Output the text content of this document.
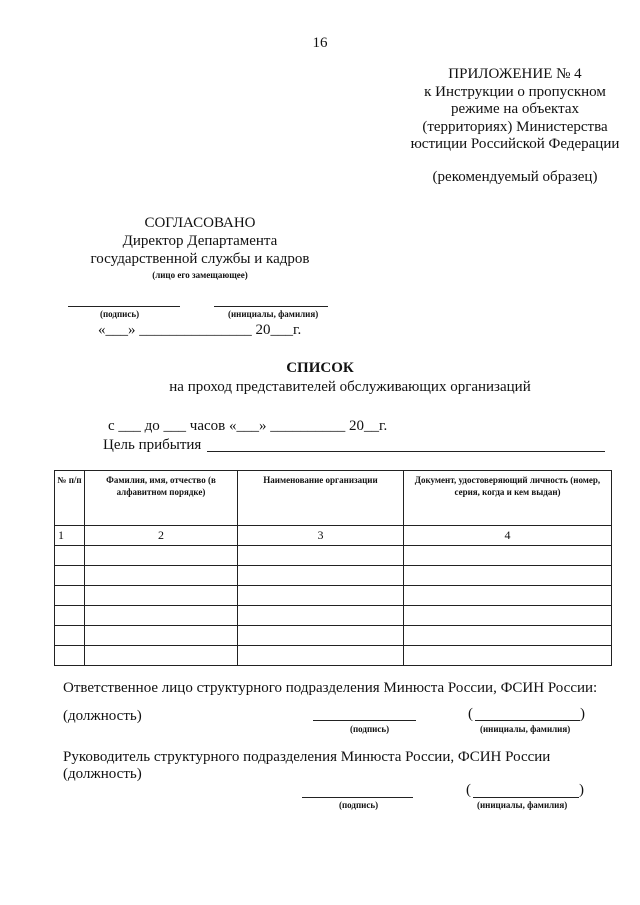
16
ПРИЛОЖЕНИЕ № 4
к Инструкции о пропускном
режиме на объектах
(территориях) Министерства
юстиции Российской Федерации
(рекомендуемый образец)
СОГЛАСОВАНО
Директор Департамента
государственной службы и кадров
(лицо его замещающее)
(подпись)	(инициалы, фамилия)
«___» _______________ 20___г.
СПИСОК
на проход представителей обслуживающих организаций
с ___ до ___ часов «___» __________ 20__г.
Цель прибытия
№ п/п	Фамилия, имя, отчество (в алфавитном порядке)	Наименование организации	Документ, удостоверяющий личность (номер, серия, когда и кем выдан)
1	2	3	4

Ответственное лицо структурного подразделения Минюста России, ФСИН России:
(должность)	(	)
(подпись)	(инициалы, фамилия)
Руководитель структурного подразделения Минюста России, ФСИН России
(должность)
(	)
(подпись)	(инициалы, фамилия)
